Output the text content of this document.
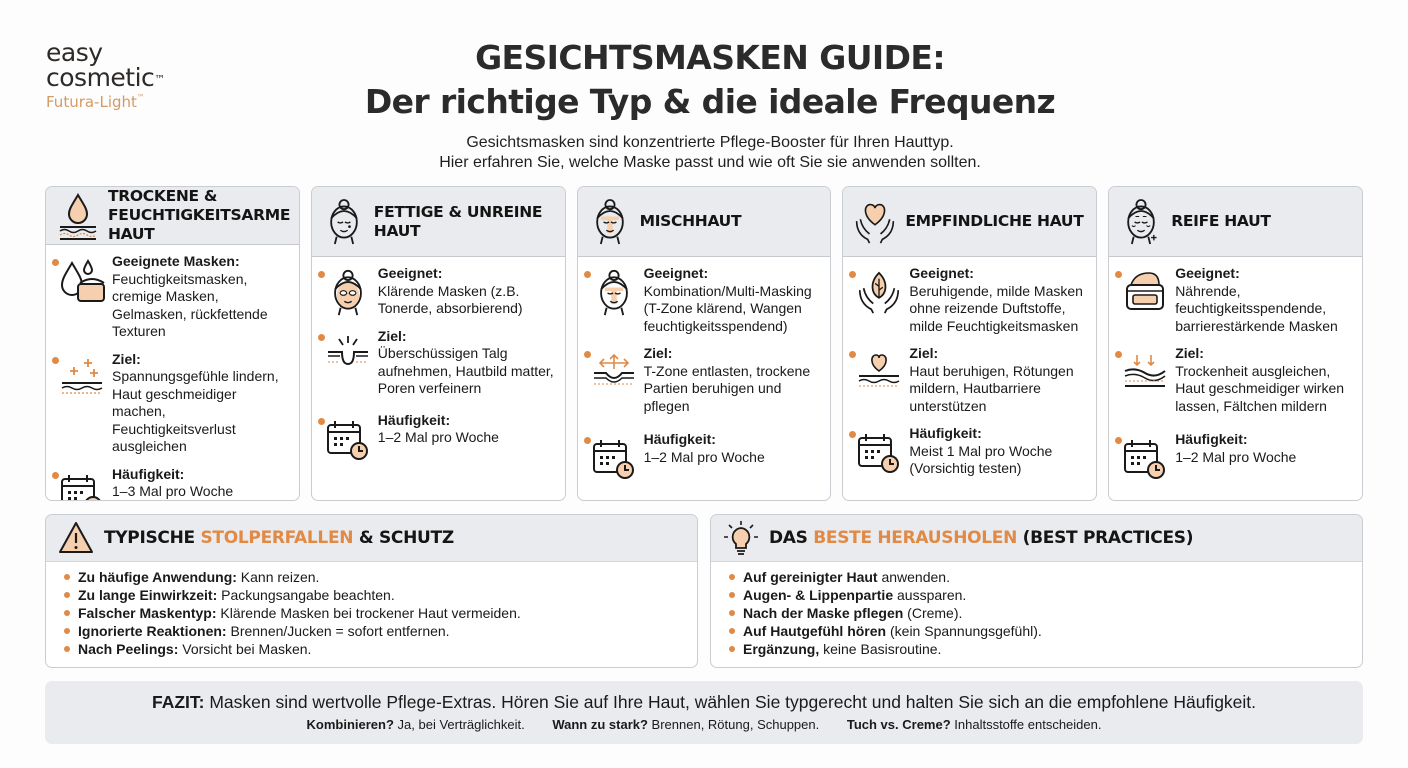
easy
cosmetic™
Futura-Light™
GESICHTSMASKEN GUIDE:
Der richtige Typ & die ideale Frequenz
Gesichtsmasken sind konzentrierte Pflege-Booster für Ihren Hauttyp.
Hier erfahren Sie, welche Maske passt und wie oft Sie sie anwenden sollten.
TROCKENE & FEUCHTIGKEITSARME HAUT
Geeignete Masken:
Feuchtigkeitsmasken, cremige Masken, Gelmasken, rückfettende Texturen
Ziel:
Spannungsgefühle lindern, Haut geschmeidiger machen, Feuchtigkeitsverlust ausgleichen
Häufigkeit:
1–3 Mal pro Woche
FETTIGE & UNREINE HAUT
Geeignet:
Klärende Masken (z.B. Tonerde, absorbierend)
Ziel:
Überschüssigen Talg aufnehmen, Hautbild matter, Poren verfeinern
Häufigkeit:
1–2 Mal pro Woche
MISCHHAUT
Geeignet:
Kombination/Multi-Masking (T-Zone klärend, Wangen feuchtigkeitsspendend)
Ziel:
T-Zone entlasten, trockene Partien beruhigen und pflegen
Häufigkeit:
1–2 Mal pro Woche
EMPFINDLICHE HAUT
Geeignet:
Beruhigende, milde Masken ohne reizende Duftstoffe, milde Feuchtigkeitsmasken
Ziel:
Haut beruhigen, Rötungen mildern, Hautbarriere unterstützen
Häufigkeit:
Meist 1 Mal pro Woche (Vorsichtig testen)
REIFE HAUT
Geeignet:
Nährende, feuchtigkeitsspendende, barrierestärkende Masken
Ziel:
Trockenheit ausgleichen, Haut geschmeidiger wirken lassen, Fältchen mildern
Häufigkeit:
1–2 Mal pro Woche
TYPISCHE STOLPERFALLEN & SCHUTZ
Zu häufige Anwendung: Kann reizen.
Zu lange Einwirkzeit: Packungsangabe beachten.
Falscher Maskentyp: Klärende Masken bei trockener Haut vermeiden.
Ignorierte Reaktionen: Brennen/Jucken = sofort entfernen.
Nach Peelings: Vorsicht bei Masken.
DAS BESTE HERAUSHOLEN (BEST PRACTICES)
Auf gereinigter Haut anwenden.
Augen- & Lippenpartie aussparen.
Nach der Maske pflegen (Creme).
Auf Hautgefühl hören (kein Spannungsgefühl).
Ergänzung, keine Basisroutine.
FAZIT: Masken sind wertvolle Pflege-Extras. Hören Sie auf Ihre Haut, wählen Sie typgerecht und halten Sie sich an die empfohlene Häufigkeit.
Kombinieren? Ja, bei Verträglichkeit. Wann zu stark? Brennen, Rötung, Schuppen. Tuch vs. Creme? Inhaltsstoffe entscheiden.
